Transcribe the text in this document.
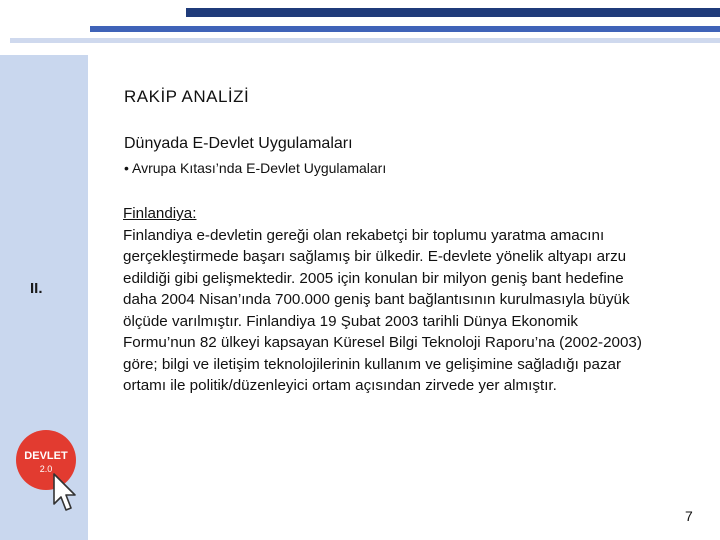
II.
DEVLET
2.0
RAKİP ANALİZİ
Dünyada E-Devlet Uygulamaları
• Avrupa Kıtası’nda E-Devlet Uygulamaları
Finlandiya:
Finlandiya e-devletin gereği olan rekabetçi bir toplumu yaratma amacını gerçekleştirmede başarı sağlamış bir ülkedir. E-devlete yönelik altyapı arzu edildiği gibi gelişmektedir. 2005 için konulan bir milyon geniş bant hedefine daha 2004 Nisan’ında 700.000 geniş bant bağlantısının kurulmasıyla büyük ölçüde varılmıştır. Finlandiya 19 Şubat 2003 tarihli Dünya Ekonomik Formu’nun 82 ülkeyi kapsayan Küresel Bilgi Teknoloji Raporu’na (2002-2003) göre; bilgi ve iletişim teknolojilerinin kullanım ve gelişimine sağladığı pazar ortamı ile politik/düzenleyici ortam açısından zirvede yer almıştır.
7
